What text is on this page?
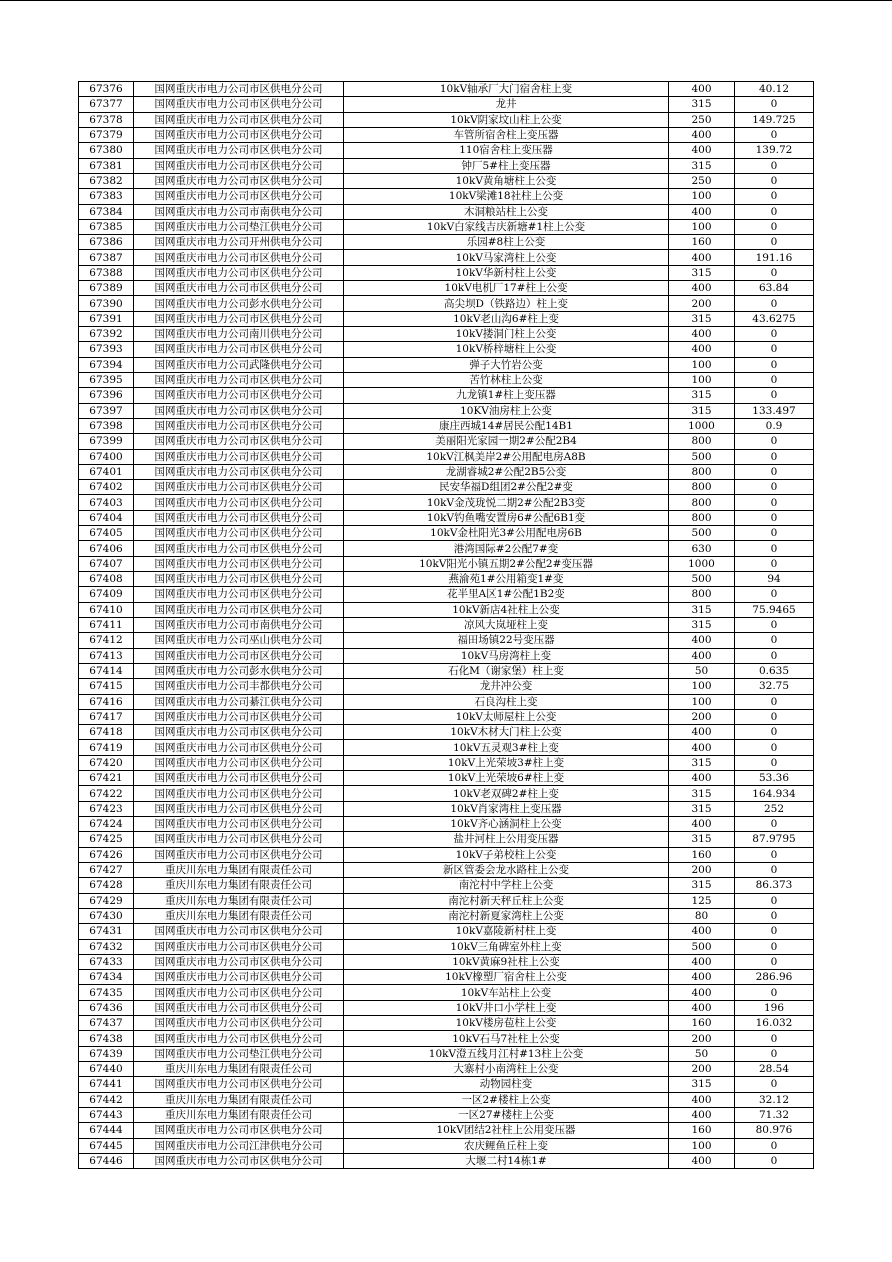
67376	国网重庆市电力公司市区供电分公司	10kV轴承厂大门宿舍柱上变	400	40.12
67377	国网重庆市电力公司市区供电分公司	龙井	315	0
67378	国网重庆市电力公司市区供电分公司	10kV阴家坟山柱上公变	250	149.725
67379	国网重庆市电力公司市区供电分公司	车管所宿舍柱上变压器	400	0
67380	国网重庆市电力公司市区供电分公司	110宿舍柱上变压器	400	139.72
67381	国网重庆市电力公司市区供电分公司	钟厂5#柱上变压器	315	0
67382	国网重庆市电力公司市区供电分公司	10kV黄角塘柱上公变	250	0
67383	国网重庆市电力公司市区供电分公司	10kV梁滩18社柱上公变	100	0
67384	国网重庆市电力公司市南供电分公司	木洞粮站柱上公变	400	0
67385	国网重庆市电力公司垫江供电分公司	10kV白家线吉庆新塘#1柱上公变	100	0
67386	国网重庆市电力公司开州供电分公司	乐园#8柱上公变	160	0
67387	国网重庆市电力公司市区供电分公司	10kV马家湾柱上公变	400	191.16
67388	国网重庆市电力公司市区供电分公司	10kV华新村柱上公变	315	0
67389	国网重庆市电力公司市区供电分公司	10kV电机厂17#柱上公变	400	63.84
67390	国网重庆市电力公司彭水供电分公司	高尖坝D（铁路边）柱上变	200	0
67391	国网重庆市电力公司市区供电分公司	10kV老山沟6#柱上变	315	43.6275
67392	国网重庆市电力公司南川供电分公司	10kV搂洞门柱上公变	400	0
67393	国网重庆市电力公司市区供电分公司	10kV桥梓塘柱上公变	400	0
67394	国网重庆市电力公司武隆供电分公司	弹子大竹岩公变	100	0
67395	国网重庆市电力公司市区供电分公司	苦竹林柱上公变	100	0
67396	国网重庆市电力公司市区供电分公司	九龙镇1#柱上变压器	315	0
67397	国网重庆市电力公司市区供电分公司	10KV油房柱上公变	315	133.497
67398	国网重庆市电力公司市区供电分公司	康庄西城14#居民公配14B1	1000	0.9
67399	国网重庆市电力公司市区供电分公司	美丽阳光家园一期2#公配2B4	800	0
67400	国网重庆市电力公司市区供电分公司	10kV江枫美岸2#公用配电房A8B	500	0
67401	国网重庆市电力公司市区供电分公司	龙湖睿城2#公配2B5公变	800	0
67402	国网重庆市电力公司市区供电分公司	民安华福D组团2#公配2#变	800	0
67403	国网重庆市电力公司市区供电分公司	10kV金茂珑悦二期2#公配2B3变	800	0
67404	国网重庆市电力公司市区供电分公司	10kV钓鱼嘴安置房6#公配6B1变	800	0
67405	国网重庆市电力公司市区供电分公司	10kV金杜阳光3#公用配电房6B	500	0
67406	国网重庆市电力公司市区供电分公司	港湾国际#2公配7#变	630	0
67407	国网重庆市电力公司市区供电分公司	10kV阳光小镇五期2#公配2#变压器	1000	0
67408	国网重庆市电力公司市区供电分公司	燕渝苑1#公用箱变1#变	500	94
67409	国网重庆市电力公司市区供电分公司	花半里A区1#公配1B2变	800	0
67410	国网重庆市电力公司市区供电分公司	10kV新店4社柱上公变	315	75.9465
67411	国网重庆市电力公司市南供电分公司	凉风大岚垭柱上变	315	0
67412	国网重庆市电力公司巫山供电分公司	福田场镇22号变压器	400	0
67413	国网重庆市电力公司市区供电分公司	10kV马房湾柱上变	400	0
67414	国网重庆市电力公司彭水供电分公司	石化M（谢家堡）柱上变	50	0.635
67415	国网重庆市电力公司丰都供电分公司	龙井冲公变	100	32.75
67416	国网重庆市电力公司綦江供电分公司	石良沟柱上变	100	0
67417	国网重庆市电力公司市区供电分公司	10kV太师屋柱上公变	200	0
67418	国网重庆市电力公司市区供电分公司	10kV木材大门柱上公变	400	0
67419	国网重庆市电力公司市区供电分公司	10kV五灵观3#柱上变	400	0
67420	国网重庆市电力公司市区供电分公司	10kV上光荣坡3#柱上变	315	0
67421	国网重庆市电力公司市区供电分公司	10kV上光荣坡6#柱上变	400	53.36
67422	国网重庆市电力公司市区供电分公司	10kV老双碑2#柱上变	315	164.934
67423	国网重庆市电力公司市区供电分公司	10kV肖家湾柱上变压器	315	252
67424	国网重庆市电力公司市区供电分公司	10kV齐心涵洞柱上公变	400	0
67425	国网重庆市电力公司市区供电分公司	盐井河柱上公用变压器	315	87.9795
67426	国网重庆市电力公司市区供电分公司	10kV子弟校柱上公变	160	0
67427	重庆川东电力集团有限责任公司	新区管委会龙水路柱上公变	200	0
67428	重庆川东电力集团有限责任公司	南沱村中学柱上公变	315	86.373
67429	重庆川东电力集团有限责任公司	南沱村新天秤丘柱上公变	125	0
67430	重庆川东电力集团有限责任公司	南沱村新夏家湾柱上公变	80	0
67431	国网重庆市电力公司市区供电分公司	10kV嘉陵新村柱上变	400	0
67432	国网重庆市电力公司市区供电分公司	10kV三角碑室外柱上变	500	0
67433	国网重庆市电力公司市区供电分公司	10kV黄麻9社柱上公变	400	0
67434	国网重庆市电力公司市区供电分公司	10kV橡塑厂宿舍柱上公变	400	286.96
67435	国网重庆市电力公司市区供电分公司	10kV车站柱上公变	400	0
67436	国网重庆市电力公司市区供电分公司	10kV井口小学柱上变	400	196
67437	国网重庆市电力公司市区供电分公司	10kV楼房苞柱上公变	160	16.032
67438	国网重庆市电力公司市区供电分公司	10kV石马7社柱上公变	200	0
67439	国网重庆市电力公司垫江供电分公司	10kV澄五线月江村#13柱上公变	50	0
67440	重庆川东电力集团有限责任公司	大寨村小南湾柱上公变	200	28.54
67441	国网重庆市电力公司市区供电分公司	动物园柱变	315	0
67442	重庆川东电力集团有限责任公司	一区2#楼柱上公变	400	32.12
67443	重庆川东电力集团有限责任公司	一区27#楼柱上公变	400	71.32
67444	国网重庆市电力公司市区供电分公司	10kV团结2社柱上公用变压器	160	80.976
67445	国网重庆市电力公司江津供电分公司	农庆鲤鱼丘柱上变	100	0
67446	国网重庆市电力公司市区供电分公司	大堰二村14栋1#	400	0
